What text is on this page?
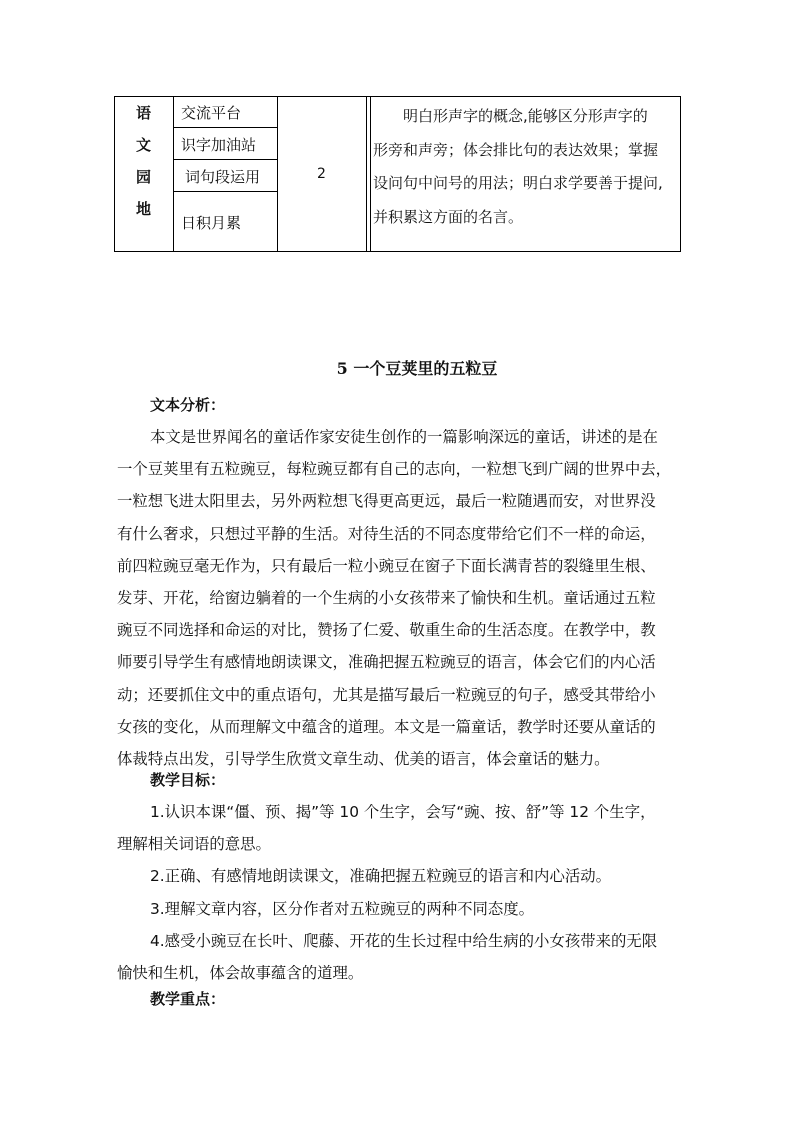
语
文
园
地
交流平台
识字加油站
词句段运用
日积月累
2
明白形声字的概念,能够区分形声字的
形旁和声旁；体会排比句的表达效果；掌握
设问句中问号的用法；明白求学要善于提问,
并积累这方面的名言。
5 一个豆荚里的五粒豆
文本分析：
本文是世界闻名的童话作家安徒生创作的一篇影响深远的童话，讲述的是在
一个豆荚里有五粒豌豆，每粒豌豆都有自己的志向，一粒想飞到广阔的世界中去，
一粒想飞进太阳里去，另外两粒想飞得更高更远，最后一粒随遇而安，对世界没
有什么奢求，只想过平静的生活。对待生活的不同态度带给它们不一样的命运，
前四粒豌豆毫无作为，只有最后一粒小豌豆在窗子下面长满青苔的裂缝里生根、
发芽、开花，给窗边躺着的一个生病的小女孩带来了愉快和生机。童话通过五粒
豌豆不同选择和命运的对比，赞扬了仁爱、敬重生命的生活态度。在教学中，教
师要引导学生有感情地朗读课文，准确把握五粒豌豆的语言，体会它们的内心活
动；还要抓住文中的重点语句，尤其是描写最后一粒豌豆的句子，感受其带给小
女孩的变化，从而理解文中蕴含的道理。本文是一篇童话，教学时还要从童话的
体裁特点出发，引导学生欣赏文章生动、优美的语言，体会童话的魅力。
教学目标：
1.认识本课“僵、预、揭”等 10 个生字，会写“豌、按、舒”等 12 个生字，
理解相关词语的意思。
2.正确、有感情地朗读课文，准确把握五粒豌豆的语言和内心活动。
3.理解文章内容，区分作者对五粒豌豆的两种不同态度。
4.感受小豌豆在长叶、爬藤、开花的生长过程中给生病的小女孩带来的无限
愉快和生机，体会故事蕴含的道理。
教学重点：
